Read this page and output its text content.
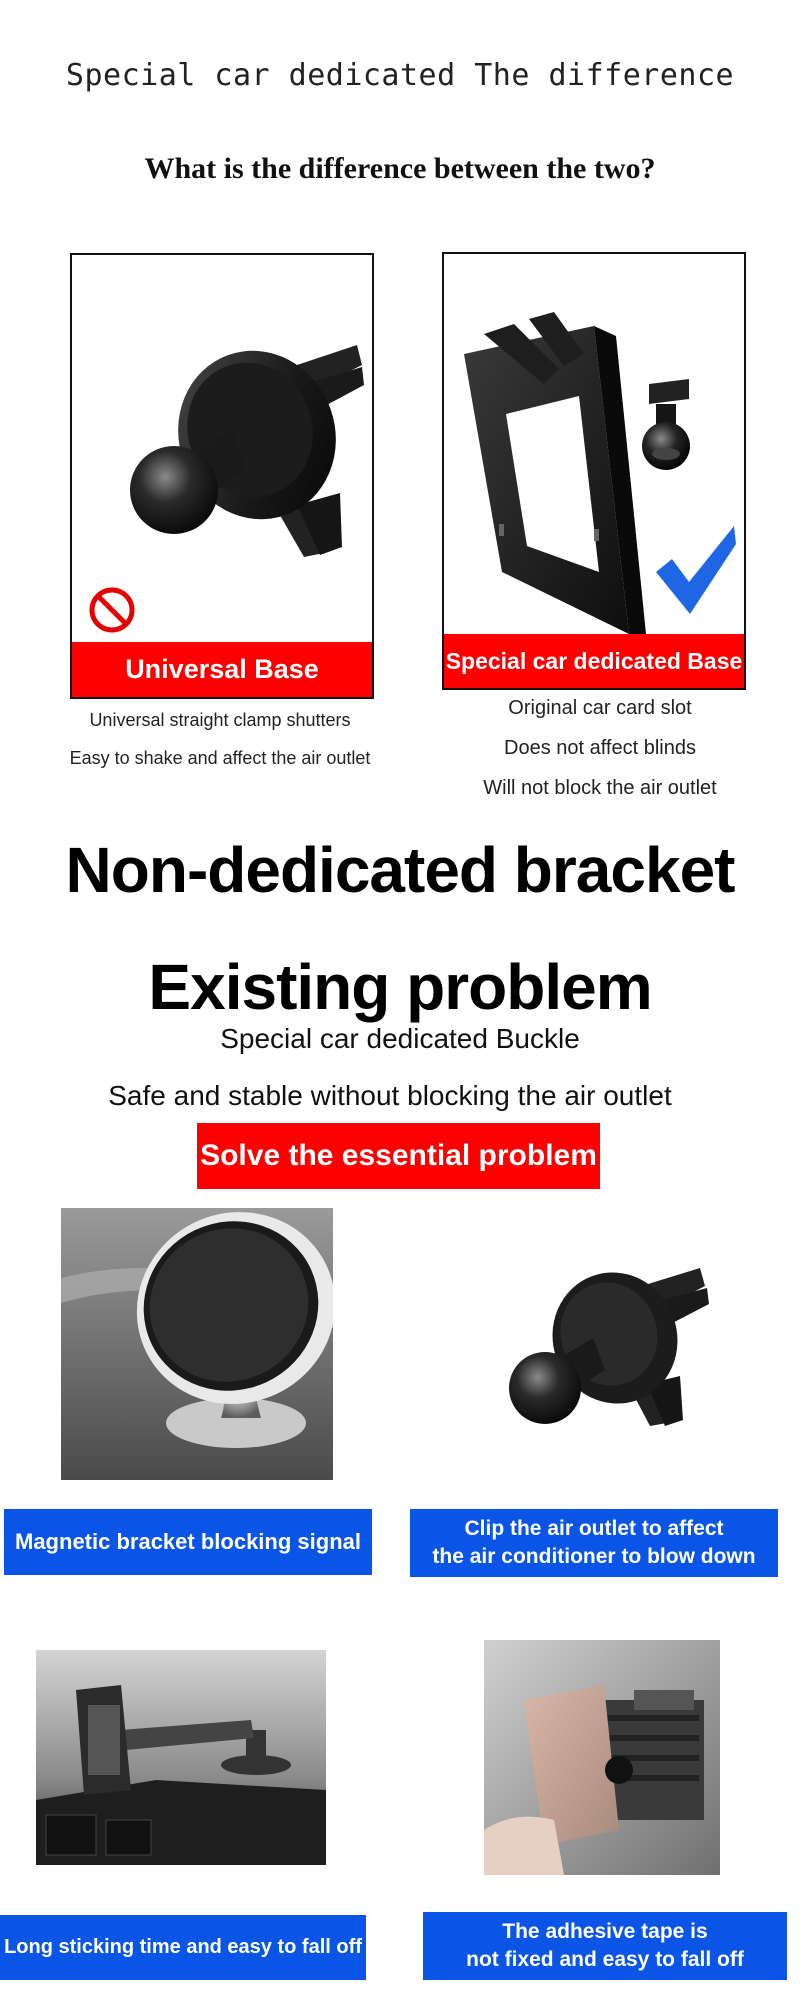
Special car dedicated The difference
What is the difference between the two?
Universal Base	Special car dedicated Base
Universal straight clamp shutters
Easy to shake and affect the air outlet
Original car card slot
Does not affect blinds
Will not block the air outlet
Non-dedicated bracket
Existing problem
Special car dedicated Buckle
Safe and stable without blocking the air outlet
Solve the essential problem
Magnetic bracket blocking signal
Clip the air outlet to affect
the air conditioner to blow down
Long sticking time and easy to fall off
The adhesive tape is
not fixed and easy to fall off
